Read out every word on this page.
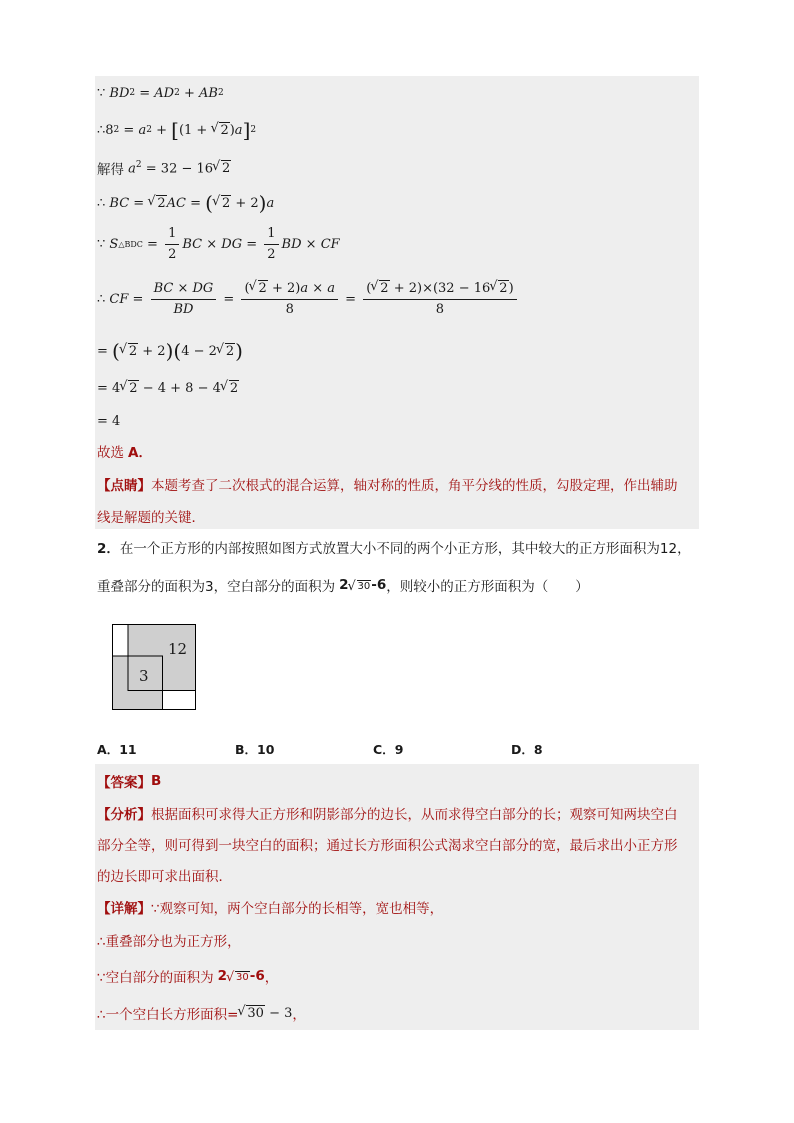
∵ BD 2 = AD 2 + AB 2
∴8 2 = a 2 + [ (1 +
√ 2 ) a ] 2
解得 $a^2 = 32 - 16√$ 2
∴ BC =
√ 2 AC = (
√ 2 + 2 ) a
∵ S △BDC = $\frac{1}{2}$ BC × DG = $\frac{1}{2}$ BD × CF
∴ CF = $\frac{BC \times DG}{BD} = \frac{(√ 2 + 2)a \times a}{8} = \frac{(√ 2 + 2)\times(32 - 16√ 2)}{8}$
= (
√ 2 + 2 ) ( 4 − 2
√ 2 )
= 4
√ 2 − 4 + 8 − 4
√ 2
= 4
故选 A．
【点睛】 本题考查了二次根式的混合运算，轴对称的性质，角平分线的性质，勾股定理，作出辅助
线是解题的关键．
2． 在一个正方形的内部按照如图方式放置大小不同的两个小正方形，其中较大的正方形面积为12，
重叠部分的面积为3，空白部分的面积为 2√ 30-6 ，则较小的正方形面积为（　　）
12
3
A．11	B．10	C．9	D．8
【答案】 B
【分析】 根据面积可求得大正方形和阴影部分的边长，从而求得空白部分的长；观察可知两块空白
部分全等，则可得到一块空白的面积；通过长方形面积公式渴求空白部分的宽，最后求出小正方形
的边长即可求出面积．
【详解】 ∵观察可知，两个空白部分的长相等，宽也相等，
∴重叠部分也为正方形，
∵空白部分的面积为 2√ 30-6 ，
∴一个空白长方形面积=
√ 30 − 3 ，
